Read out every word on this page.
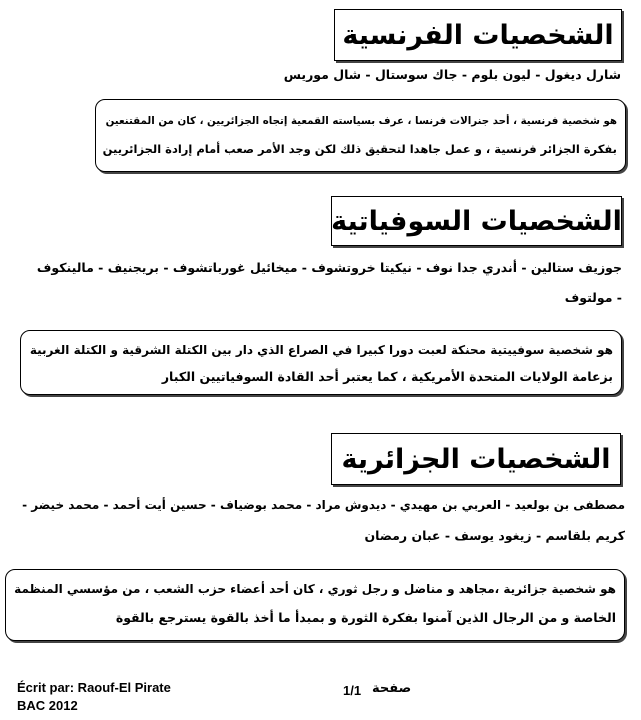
الشخصيات الفرنسية
شارل ديغول - ليون بلوم - جاك سوستال - شال موريس
هو شخصية فرنسية ، أحد جنرالات فرنسا ، عرف بسياسته القمعية إتجاه الجزائريين ، كان من المقتنعين
بفكرة الجزائر فرنسية ، و عمل جاهدا لتحقيق ذلك لكن وجد الأمر صعب أمام إرادة الجزائريين
الشخصيات السوفياتية
جوزيف ستالين - أندري جدا نوف - نيكيتا خروتشوف - ميخائيل غورباتشوف - بريجنيف - مالينكوف
- مولتوف
هو شخصية سوفييتية محنكة لعبت دورا كبيرا في الصراع الذي دار بين الكتلة الشرقية و الكتلة الغربية
بزعامة الولايات المتحدة الأمريكية ، كما يعتبر أحد القادة السوفياتيين الكبار
الشخصيات الجزائرية
مصطفى بن بولعيد - العربي بن مهيدي - ديدوش مراد - محمد بوضياف - حسين أيت أحمد - محمد خيضر -
كريم بلقاسم - زيغود يوسف - عبان رمضان
هو شخصية جزائرية ،مجاهد و مناضل و رجل ثوري ، كان أحد أعضاء حزب الشعب ، من مؤسسي المنظمة
الخاصة و من الرجال الذين آمنوا بفكرة الثورة و بمبدأ ما أخذ بالقوة يسترجع بالقوة
Écrit par: Raouf-El Pirate
BAC 2012
1/1 صفحة
